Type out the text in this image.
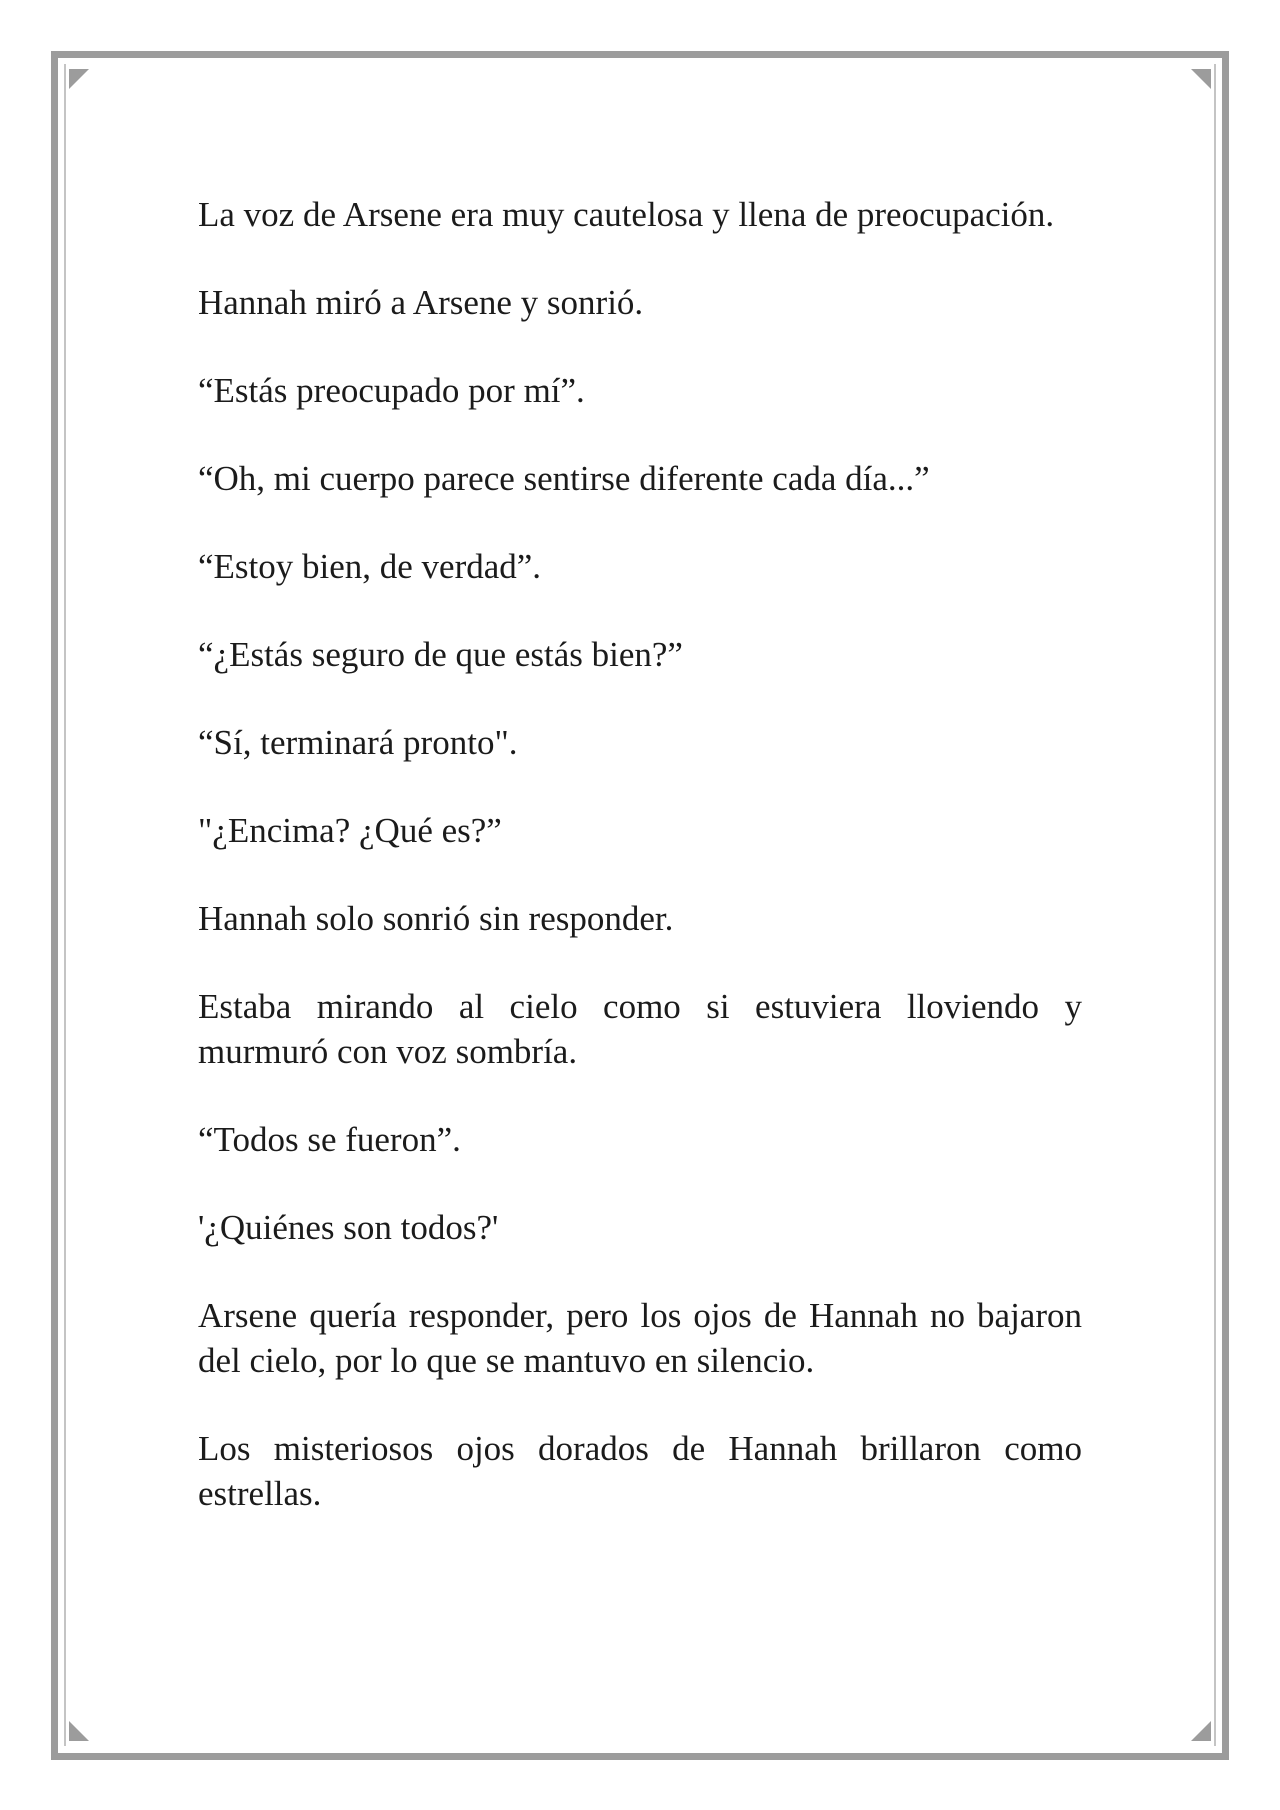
La voz de Arsene era muy cautelosa y llena de preocupación.

Hannah miró a Arsene y sonrió.

“Estás preocupado por mí”.

“Oh, mi cuerpo parece sentirse diferente cada día...”

“Estoy bien, de verdad”.

“¿Estás seguro de que estás bien?”

“Sí, terminará pronto".

"¿Encima? ¿Qué es?”

Hannah solo sonrió sin responder.

Estaba mirando al cielo como si estuviera lloviendo y murmuró con voz sombría.

“Todos se fueron”.

'¿Quiénes son todos?'

Arsene quería responder, pero los ojos de Hannah no bajaron del cielo, por lo que se mantuvo en silencio.

Los misteriosos ojos dorados de Hannah brillaron como estrellas.
